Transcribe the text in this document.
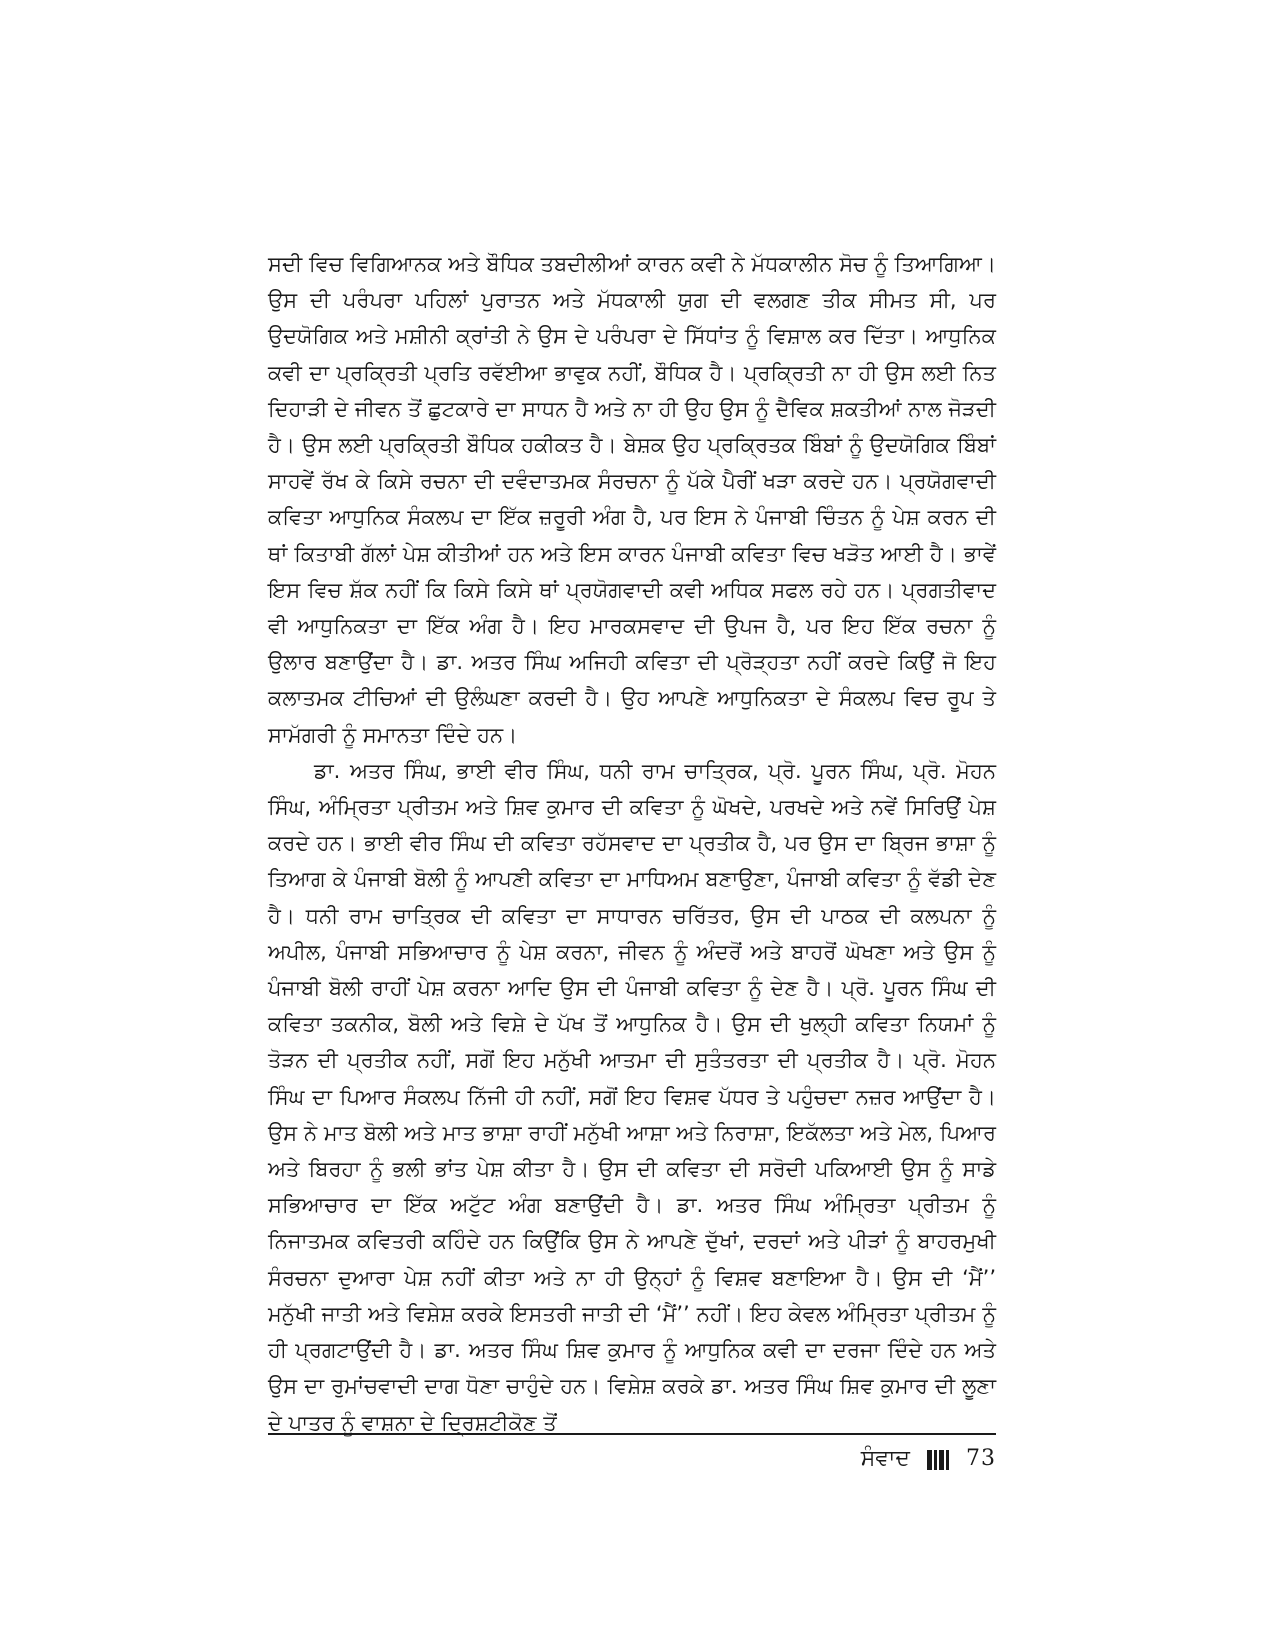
ਸਦੀ ਵਿਚ ਵਿਗਿਆਨਕ ਅਤੇ ਬੌਧਿਕ ਤਬਦੀਲੀਆਂ ਕਾਰਨ ਕਵੀ ਨੇ ਮੱਧਕਾਲੀਨ ਸੋਚ ਨੂੰ ਤਿਆਗਿਆ। ਉਸ ਦੀ ਪਰੰਪਰਾ ਪਹਿਲਾਂ ਪੁਰਾਤਨ ਅਤੇ ਮੱਧਕਾਲੀ ਯੁਗ ਦੀ ਵਲਗਣ ਤੀਕ ਸੀਮਤ ਸੀ, ਪਰ ਉਦਯੋਗਿਕ ਅਤੇ ਮਸ਼ੀਨੀ ਕ੍ਰਾਂਤੀ ਨੇ ਉਸ ਦੇ ਪਰੰਪਰਾ ਦੇ ਸਿੱਧਾਂਤ ਨੂੰ ਵਿਸ਼ਾਲ ਕਰ ਦਿੱਤਾ। ਆਧੁਨਿਕ ਕਵੀ ਦਾ ਪ੍ਰਕ੍ਰਿਤੀ ਪ੍ਰਤਿ ਰਵੱਈਆ ਭਾਵੁਕ ਨਹੀਂ, ਬੌਧਿਕ ਹੈ। ਪ੍ਰਕ੍ਰਿਤੀ ਨਾ ਹੀ ਉਸ ਲਈ ਨਿਤ ਦਿਹਾੜੀ ਦੇ ਜੀਵਨ ਤੋਂ ਛੁਟਕਾਰੇ ਦਾ ਸਾਧਨ ਹੈ ਅਤੇ ਨਾ ਹੀ ਉਹ ਉਸ ਨੂੰ ਦੈਵਿਕ ਸ਼ਕਤੀਆਂ ਨਾਲ ਜੋੜਦੀ ਹੈ। ਉਸ ਲਈ ਪ੍ਰਕ੍ਰਿਤੀ ਬੌਧਿਕ ਹਕੀਕਤ ਹੈ। ਬੇਸ਼ਕ ਉਹ ਪ੍ਰਕ੍ਰਿਤਕ ਬਿੰਬਾਂ ਨੂੰ ਉਦਯੋਗਿਕ ਬਿੰਬਾਂ ਸਾਹਵੇਂ ਰੱਖ ਕੇ ਕਿਸੇ ਰਚਨਾ ਦੀ ਦਵੰਦਾਤਮਕ ਸੰਰਚਨਾ ਨੂੰ ਪੱਕੇ ਪੈਰੀਂ ਖੜਾ ਕਰਦੇ ਹਨ। ਪ੍ਰਯੋਗਵਾਦੀ ਕਵਿਤਾ ਆਧੁਨਿਕ ਸੰਕਲਪ ਦਾ ਇੱਕ ਜ਼ਰੂਰੀ ਅੰਗ ਹੈ, ਪਰ ਇਸ ਨੇ ਪੰਜਾਬੀ ਚਿੰਤਨ ਨੂੰ ਪੇਸ਼ ਕਰਨ ਦੀ ਥਾਂ ਕਿਤਾਬੀ ਗੱਲਾਂ ਪੇਸ਼ ਕੀਤੀਆਂ ਹਨ ਅਤੇ ਇਸ ਕਾਰਨ ਪੰਜਾਬੀ ਕਵਿਤਾ ਵਿਚ ਖੜੋਤ ਆਈ ਹੈ। ਭਾਵੇਂ ਇਸ ਵਿਚ ਸ਼ੱਕ ਨਹੀਂ ਕਿ ਕਿਸੇ ਕਿਸੇ ਥਾਂ ਪ੍ਰਯੋਗਵਾਦੀ ਕਵੀ ਅਧਿਕ ਸਫਲ ਰਹੇ ਹਨ। ਪ੍ਰਗਤੀਵਾਦ ਵੀ ਆਧੁਨਿਕਤਾ ਦਾ ਇੱਕ ਅੰਗ ਹੈ। ਇਹ ਮਾਰਕਸਵਾਦ ਦੀ ਉਪਜ ਹੈ, ਪਰ ਇਹ ਇੱਕ ਰਚਨਾ ਨੂੰ ਉਲਾਰ ਬਣਾਉਂਦਾ ਹੈ। ਡਾ. ਅਤਰ ਸਿੰਘ ਅਜਿਹੀ ਕਵਿਤਾ ਦੀ ਪ੍ਰੋੜ੍ਹਤਾ ਨਹੀਂ ਕਰਦੇ ਕਿਉਂ ਜੋ ਇਹ ਕਲਾਤਮਕ ਟੀਚਿਆਂ ਦੀ ਉਲੰਘਣਾ ਕਰਦੀ ਹੈ। ਉਹ ਆਪਣੇ ਆਧੁਨਿਕਤਾ ਦੇ ਸੰਕਲਪ ਵਿਚ ਰੂਪ ਤੇ ਸਾਮੱਗਰੀ ਨੂੰ ਸਮਾਨਤਾ ਦਿੰਦੇ ਹਨ।

ਡਾ. ਅਤਰ ਸਿੰਘ, ਭਾਈ ਵੀਰ ਸਿੰਘ, ਧਨੀ ਰਾਮ ਚਾਤ੍ਰਿਕ, ਪ੍ਰੋ. ਪੂਰਨ ਸਿੰਘ, ਪ੍ਰੋ. ਮੋਹਨ ਸਿੰਘ, ਅੰਮ੍ਰਿਤਾ ਪ੍ਰੀਤਮ ਅਤੇ ਸ਼ਿਵ ਕੁਮਾਰ ਦੀ ਕਵਿਤਾ ਨੂੰ ਘੋਖਦੇ, ਪਰਖਦੇ ਅਤੇ ਨਵੇਂ ਸਿਰਿਉਂ ਪੇਸ਼ ਕਰਦੇ ਹਨ। ਭਾਈ ਵੀਰ ਸਿੰਘ ਦੀ ਕਵਿਤਾ ਰਹੱਸਵਾਦ ਦਾ ਪ੍ਰਤੀਕ ਹੈ, ਪਰ ਉਸ ਦਾ ਬ੍ਰਿਜ ਭਾਸ਼ਾ ਨੂੰ ਤਿਆਗ ਕੇ ਪੰਜਾਬੀ ਬੋਲੀ ਨੂੰ ਆਪਣੀ ਕਵਿਤਾ ਦਾ ਮਾਧਿਅਮ ਬਣਾਉਣਾ, ਪੰਜਾਬੀ ਕਵਿਤਾ ਨੂੰ ਵੱਡੀ ਦੇਣ ਹੈ। ਧਨੀ ਰਾਮ ਚਾਤ੍ਰਿਕ ਦੀ ਕਵਿਤਾ ਦਾ ਸਾਧਾਰਨ ਚਰਿੱਤਰ, ਉਸ ਦੀ ਪਾਠਕ ਦੀ ਕਲਪਨਾ ਨੂੰ ਅਪੀਲ, ਪੰਜਾਬੀ ਸਭਿਆਚਾਰ ਨੂੰ ਪੇਸ਼ ਕਰਨਾ, ਜੀਵਨ ਨੂੰ ਅੰਦਰੋਂ ਅਤੇ ਬਾਹਰੋਂ ਘੋਖਣਾ ਅਤੇ ਉਸ ਨੂੰ ਪੰਜਾਬੀ ਬੋਲੀ ਰਾਹੀਂ ਪੇਸ਼ ਕਰਨਾ ਆਦਿ ਉਸ ਦੀ ਪੰਜਾਬੀ ਕਵਿਤਾ ਨੂੰ ਦੇਣ ਹੈ। ਪ੍ਰੋ. ਪੂਰਨ ਸਿੰਘ ਦੀ ਕਵਿਤਾ ਤਕਨੀਕ, ਬੋਲੀ ਅਤੇ ਵਿਸ਼ੇ ਦੇ ਪੱਖ ਤੋਂ ਆਧੁਨਿਕ ਹੈ। ਉਸ ਦੀ ਖੁਲ੍ਹੀ ਕਵਿਤਾ ਨਿਯਮਾਂ ਨੂੰ ਤੋੜਨ ਦੀ ਪ੍ਰਤੀਕ ਨਹੀਂ, ਸਗੋਂ ਇਹ ਮਨੁੱਖੀ ਆਤਮਾ ਦੀ ਸੁਤੰਤਰਤਾ ਦੀ ਪ੍ਰਤੀਕ ਹੈ। ਪ੍ਰੋ. ਮੋਹਨ ਸਿੰਘ ਦਾ ਪਿਆਰ ਸੰਕਲਪ ਨਿੱਜੀ ਹੀ ਨਹੀਂ, ਸਗੋਂ ਇਹ ਵਿਸ਼ਵ ਪੱਧਰ ਤੇ ਪਹੁੰਚਦਾ ਨਜ਼ਰ ਆਉਂਦਾ ਹੈ। ਉਸ ਨੇ ਮਾਤ ਬੋਲੀ ਅਤੇ ਮਾਤ ਭਾਸ਼ਾ ਰਾਹੀਂ ਮਨੁੱਖੀ ਆਸ਼ਾ ਅਤੇ ਨਿਰਾਸ਼ਾ, ਇਕੱਲਤਾ ਅਤੇ ਮੇਲ, ਪਿਆਰ ਅਤੇ ਬਿਰਹਾ ਨੂੰ ਭਲੀ ਭਾਂਤ ਪੇਸ਼ ਕੀਤਾ ਹੈ। ਉਸ ਦੀ ਕਵਿਤਾ ਦੀ ਸਰੋਦੀ ਪਕਿਆਈ ਉਸ ਨੂੰ ਸਾਡੇ ਸਭਿਆਚਾਰ ਦਾ ਇੱਕ ਅਟੁੱਟ ਅੰਗ ਬਣਾਉਂਦੀ ਹੈ। ਡਾ. ਅਤਰ ਸਿੰਘ ਅੰਮ੍ਰਿਤਾ ਪ੍ਰੀਤਮ ਨੂੰ ਨਿਜਾਤਮਕ ਕਵਿਤਰੀ ਕਹਿੰਦੇ ਹਨ ਕਿਉਂਕਿ ਉਸ ਨੇ ਆਪਣੇ ਦੁੱਖਾਂ, ਦਰਦਾਂ ਅਤੇ ਪੀੜਾਂ ਨੂੰ ਬਾਹਰਮੁਖੀ ਸੰਰਚਨਾ ਦੁਆਰਾ ਪੇਸ਼ ਨਹੀਂ ਕੀਤਾ ਅਤੇ ਨਾ ਹੀ ਉਨ੍ਹਾਂ ਨੂੰ ਵਿਸ਼ਵ ਬਣਾਇਆ ਹੈ। ਉਸ ਦੀ ‘ਮੈਂ’’ ਮਨੁੱਖੀ ਜਾਤੀ ਅਤੇ ਵਿਸ਼ੇਸ਼ ਕਰਕੇ ਇਸਤਰੀ ਜਾਤੀ ਦੀ ‘ਮੈਂ’’ ਨਹੀਂ। ਇਹ ਕੇਵਲ ਅੰਮ੍ਰਿਤਾ ਪ੍ਰੀਤਮ ਨੂੰ ਹੀ ਪ੍ਰਗਟਾਉਂਦੀ ਹੈ। ਡਾ. ਅਤਰ ਸਿੰਘ ਸ਼ਿਵ ਕੁਮਾਰ ਨੂੰ ਆਧੁਨਿਕ ਕਵੀ ਦਾ ਦਰਜਾ ਦਿੰਦੇ ਹਨ ਅਤੇ ਉਸ ਦਾ ਰੁਮਾਂਚਵਾਦੀ ਦਾਗ ਧੋਣਾ ਚਾਹੁੰਦੇ ਹਨ। ਵਿਸ਼ੇਸ਼ ਕਰਕੇ ਡਾ. ਅਤਰ ਸਿੰਘ ਸ਼ਿਵ ਕੁਮਾਰ ਦੀ ਲੂਣਾ ਦੇ ਪਾਤਰ ਨੂੰ ਵਾਸ਼ਨਾ ਦੇ ਦ੍ਰਿਸ਼ਟੀਕੋਣ ਤੋਂ

ਸੰਵਾਦ	73
